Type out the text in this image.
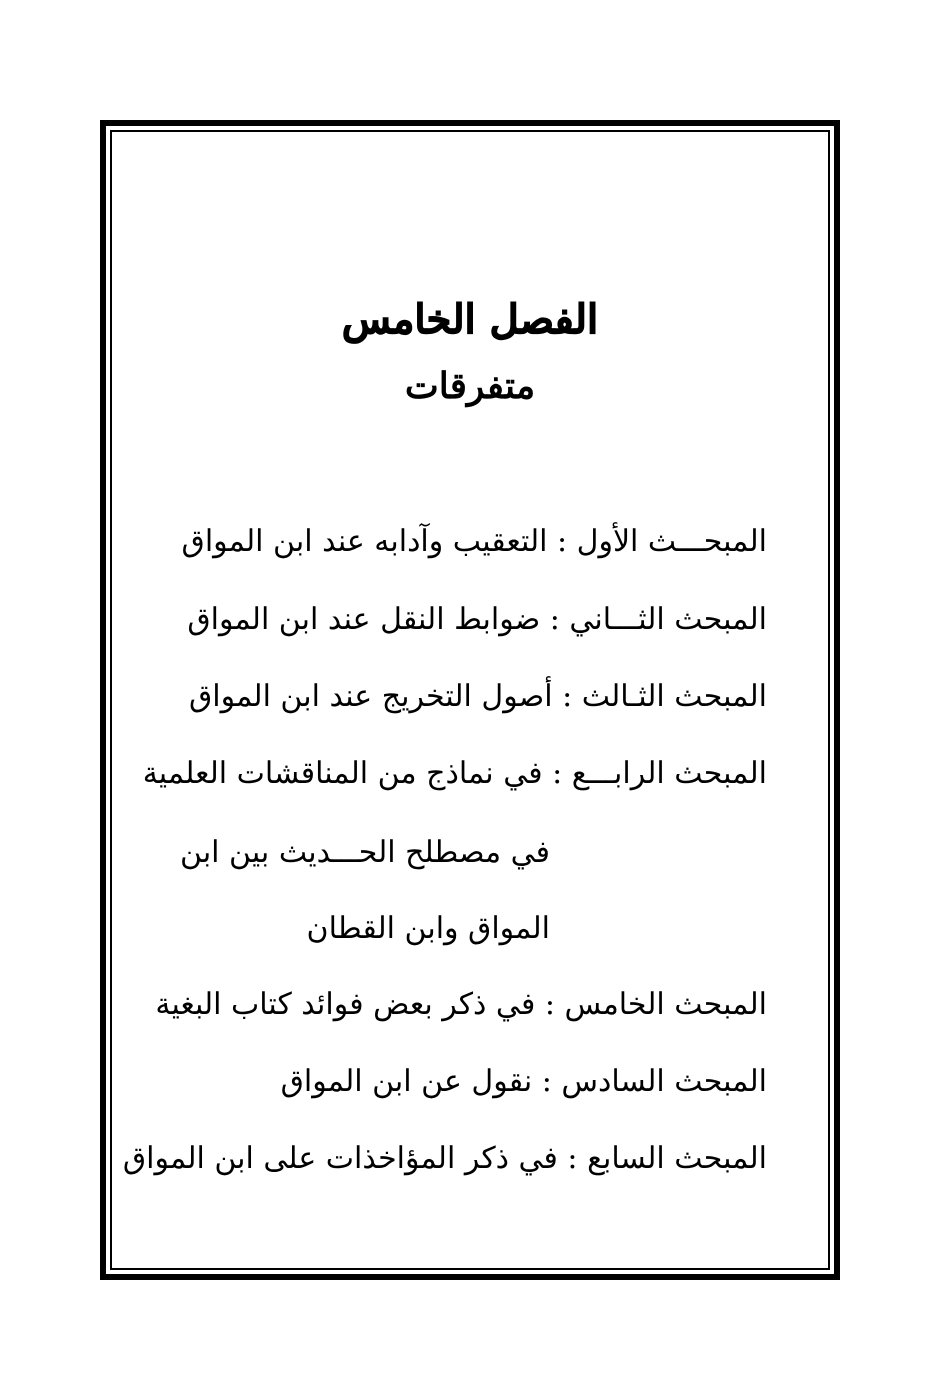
الفصل الخامس
متفرقات
المبحـــث الأول : التعقيب وآدابه عند ابن المواق
المبحث الثـــاني : ضوابط النقل عند ابن المواق
المبحث الثـالث : أصول التخريج عند ابن المواق
المبحث الرابـــع : في نماذج من المناقشات العلمية
في مصطلح الحـــديث بين ابن
المواق وابن القطان
المبحث الخامس : في ذكر بعض فوائد كتاب البغية
المبحث السادس : نقول عن ابن المواق
المبحث السابع : في ذكر المؤاخذات على ابن المواق
